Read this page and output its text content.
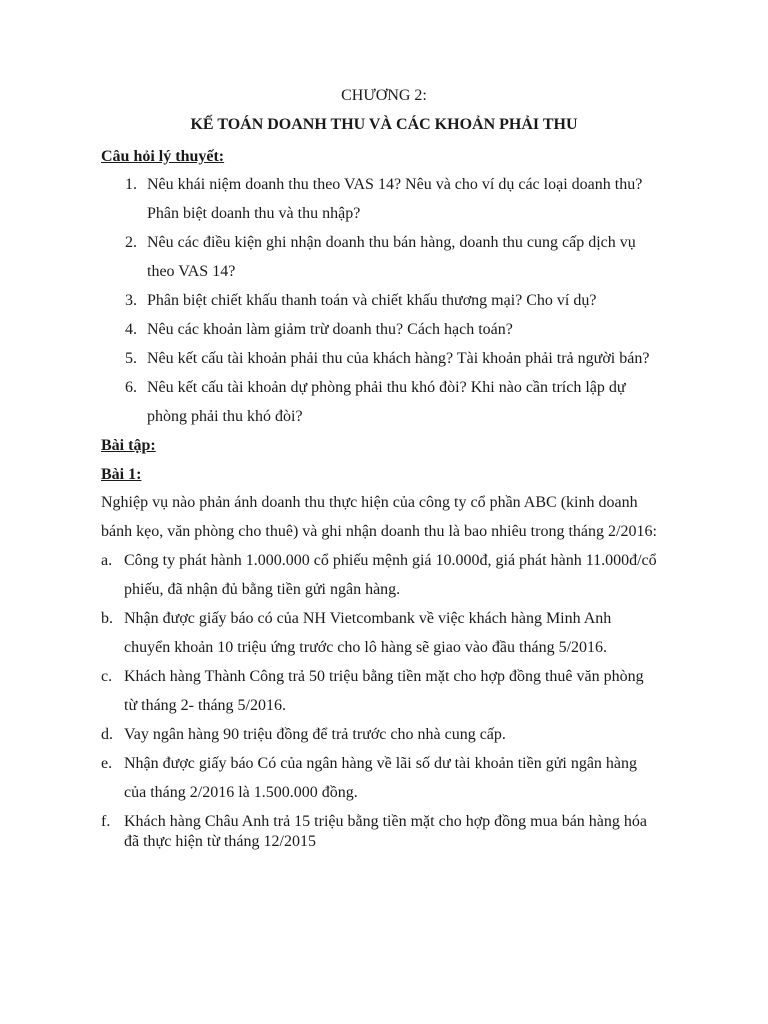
CHƯƠNG 2:
KẾ TOÁN DOANH THU VÀ CÁC KHOẢN PHẢI THU
Câu hỏi lý thuyết:
1. Nêu khái niệm doanh thu theo VAS 14? Nêu và cho ví dụ các loại doanh thu?
Phân biệt doanh thu và thu nhập?
2. Nêu các điều kiện ghi nhận doanh thu bán hàng, doanh thu cung cấp dịch vụ
theo VAS 14?
3. Phân biệt chiết khấu thanh toán và chiết khấu thương mại? Cho ví dụ?
4. Nêu các khoản làm giảm trừ doanh thu? Cách hạch toán?
5. Nêu kết cấu tài khoản phải thu của khách hàng? Tài khoản phải trả người bán?
6. Nêu kết cấu tài khoản dự phòng phải thu khó đòi? Khi nào cần trích lập dự
phòng phải thu khó đòi?
Bài tập:
Bài 1:
Nghiệp vụ nào phản ánh doanh thu thực hiện của công ty cổ phần ABC (kinh doanh
bánh kẹo, văn phòng cho thuê) và ghi nhận doanh thu là bao nhiêu trong tháng 2/2016:
a. Công ty phát hành 1.000.000 cổ phiếu mệnh giá 10.000đ, giá phát hành 11.000đ/cổ
phiếu, đã nhận đủ bằng tiền gửi ngân hàng.
b. Nhận được giấy báo có của NH Vietcombank về việc khách hàng Minh Anh
chuyển khoản 10 triệu ứng trước cho lô hàng sẽ giao vào đầu tháng 5/2016.
c. Khách hàng Thành Công trả 50 triệu bằng tiền mặt cho hợp đồng thuê văn phòng
từ tháng 2- tháng 5/2016.
d. Vay ngân hàng 90 triệu đồng để trả trước cho nhà cung cấp.
e. Nhận được giấy báo Có của ngân hàng về lãi số dư tài khoản tiền gửi ngân hàng
của tháng 2/2016 là 1.500.000 đồng.
f. Khách hàng Châu Anh trả 15 triệu bằng tiền mặt cho hợp đồng mua bán hàng hóa
đã thực hiện từ tháng 12/2015
